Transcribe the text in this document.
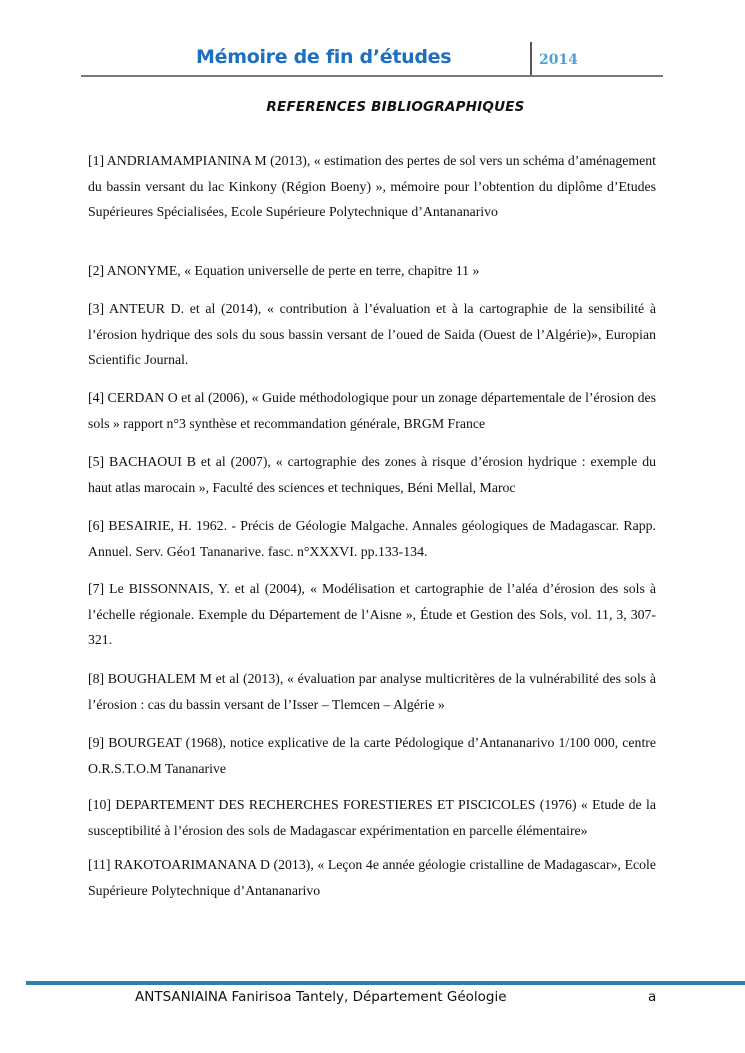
Mémoire de fin d’études	2014
REFERENCES BIBLIOGRAPHIQUES

[1] ANDRIAMAMPIANINA M (2013), « estimation des pertes de sol vers un schéma d’aménagement du bassin versant du lac Kinkony (Région Boeny) », mémoire pour l’obtention du diplôme d’Etudes Supérieures Spécialisées, Ecole Supérieure Polytechnique d’Antananarivo

[2] ANONYME, « Equation universelle de perte en terre, chapitre 11 »

[3] ANTEUR D. et al (2014), « contribution à l’évaluation et à la cartographie de la sensibilité à l’érosion hydrique des sols du sous bassin versant de l’oued de Saida (Ouest de l’Algérie)», Europian Scientific Journal.

[4] CERDAN O et al (2006), « Guide méthodologique pour un zonage départementale de l’érosion des sols » rapport n°3 synthèse et recommandation générale, BRGM France

[5] BACHAOUI B et al (2007), « cartographie des zones à risque d’érosion hydrique : exemple du haut atlas marocain », Faculté des sciences et techniques, Béni Mellal, Maroc

[6] BESAIRIE, H. 1962. - Précis de Géologie Malgache. Annales géologiques de Madagascar. Rapp. Annuel. Serv. Géo1 Tananarive. fasc. n°XXXVI. pp.133-134.

[7] Le BISSONNAIS, Y. et al (2004), « Modélisation et cartographie de l’aléa d’érosion des sols à l’échelle régionale. Exemple du Département de l’Aisne », Étude et Gestion des Sols, vol. 11, 3, 307-321.

[8] BOUGHALEM M et al (2013), « évaluation par analyse multicritères de la vulnérabilité des sols à l’érosion : cas du bassin versant de l’Isser – Tlemcen – Algérie »

[9] BOURGEAT (1968), notice explicative de la carte Pédologique d’Antananarivo 1/100 000, centre O.R.S.T.O.M Tananarive

[10] DEPARTEMENT DES RECHERCHES FORESTIERES ET PISCICOLES (1976) « Etude de la susceptibilité à l’érosion des sols de Madagascar expérimentation en parcelle élémentaire»

[11] RAKOTOARIMANANA D (2013), « Leçon 4e année géologie cristalline de Madagascar», Ecole Supérieure Polytechnique d’Antananarivo

ANTSANIAINA Fanirisoa Tantely, Département Géologie	a
